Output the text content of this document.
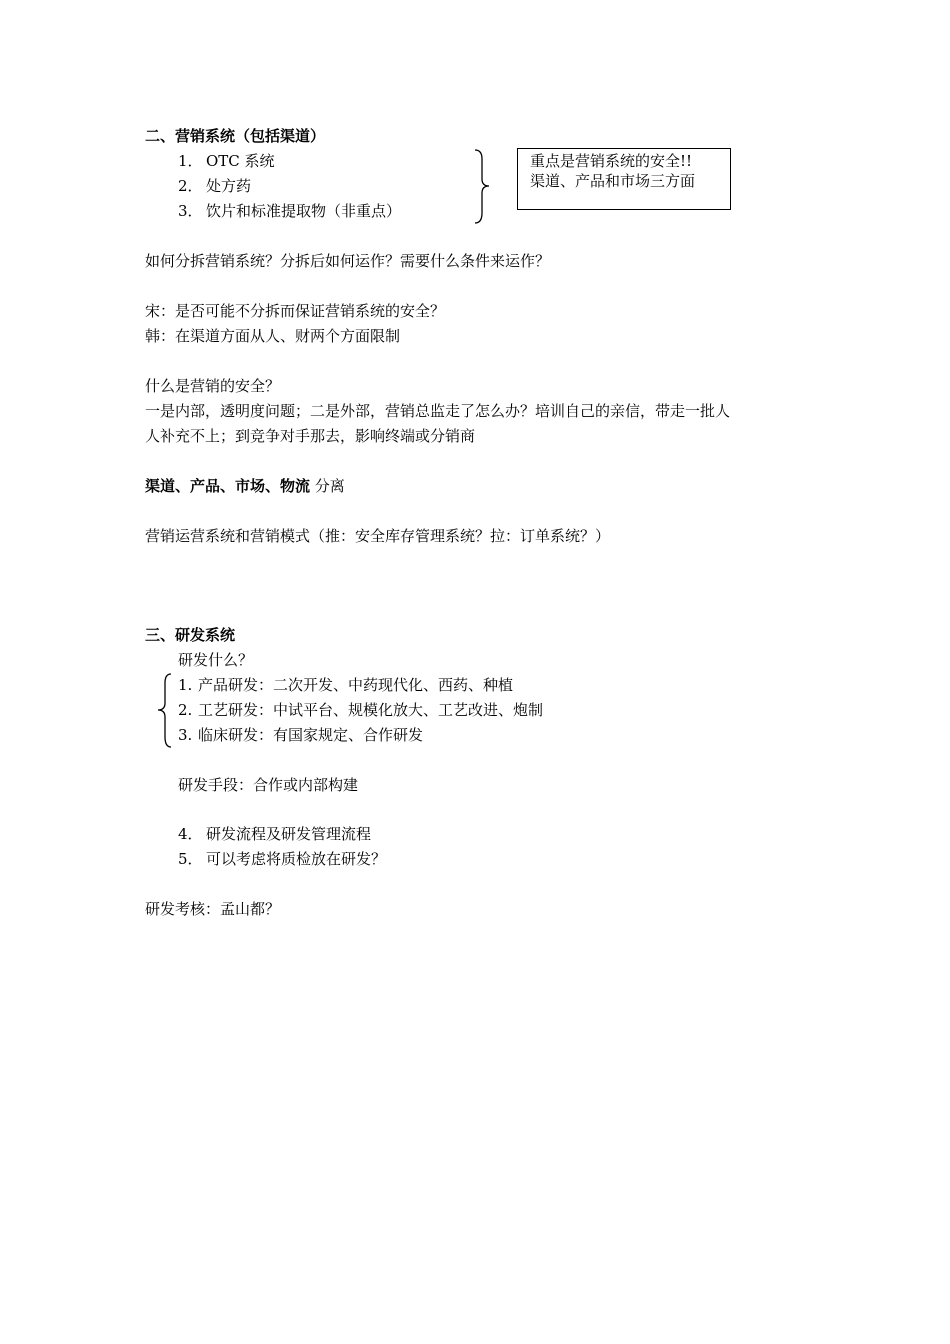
二、营销系统（包括渠道）
1． OTC 系统
2． 处方药
3． 饮片和标准提取物（非重点）
重点是营销系统的安全!!
渠道、产品和市场三方面
如何分拆营销系统？分拆后如何运作？需要什么条件来运作？
宋：是否可能不分拆而保证营销系统的安全？
韩：在渠道方面从人、财两个方面限制
什么是营销的安全？
一是内部，透明度问题；二是外部，营销总监走了怎么办？培训自己的亲信，带走一批人
人补充不上；到竞争对手那去，影响终端或分销商
渠道、产品、市场、物流 分离
营销运营系统和营销模式（推：安全库存管理系统？拉：订单系统？）
三、研发系统
研发什么？
1. 产品研发：二次开发、中药现代化、西药、种植
2. 工艺研发：中试平台、规模化放大、工艺改进、炮制
3. 临床研发：有国家规定、合作研发
研发手段：合作或内部构建
4． 研发流程及研发管理流程
5． 可以考虑将质检放在研发？
研发考核：孟山都？
